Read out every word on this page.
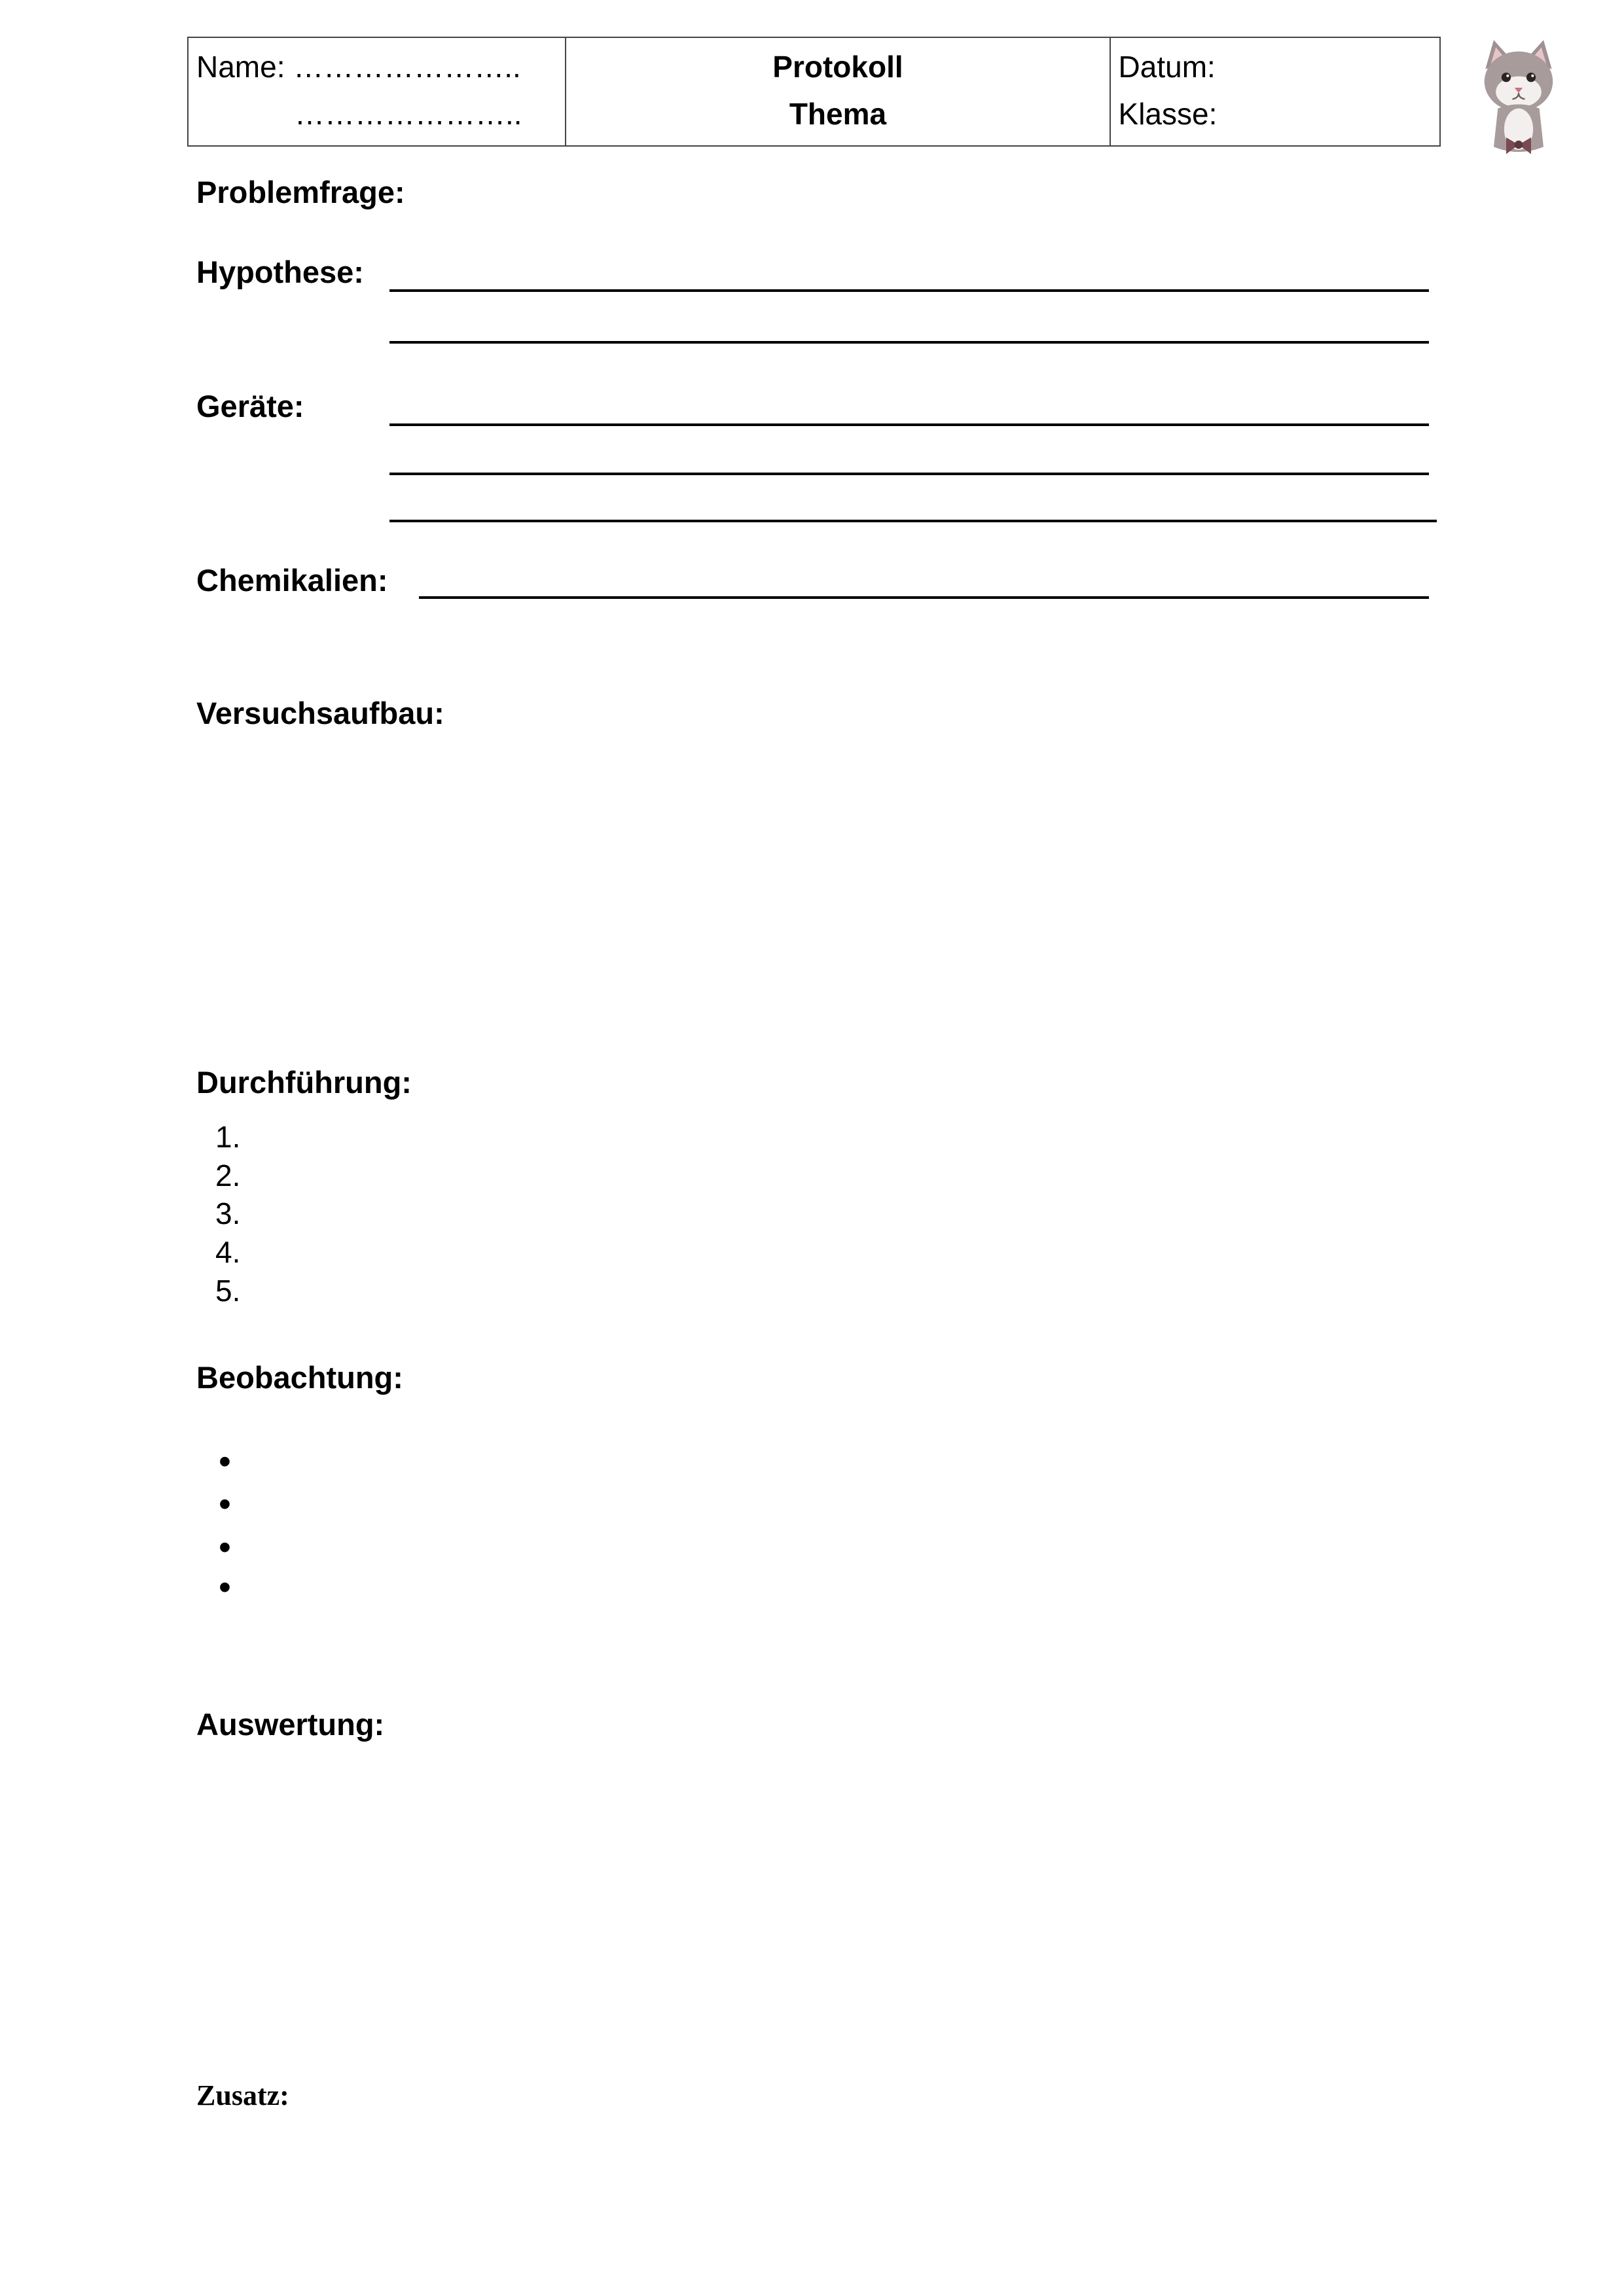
Name: …………………..
…………………..
Protokoll
Thema
Datum:
Klasse:
Problemfrage:
Hypothese:
Geräte:
Chemikalien:
Versuchsaufbau:
Durchführung:
1.
2.
3.
4.
5.
Beobachtung:
•
•
•
•
Auswertung:
Zusatz:
